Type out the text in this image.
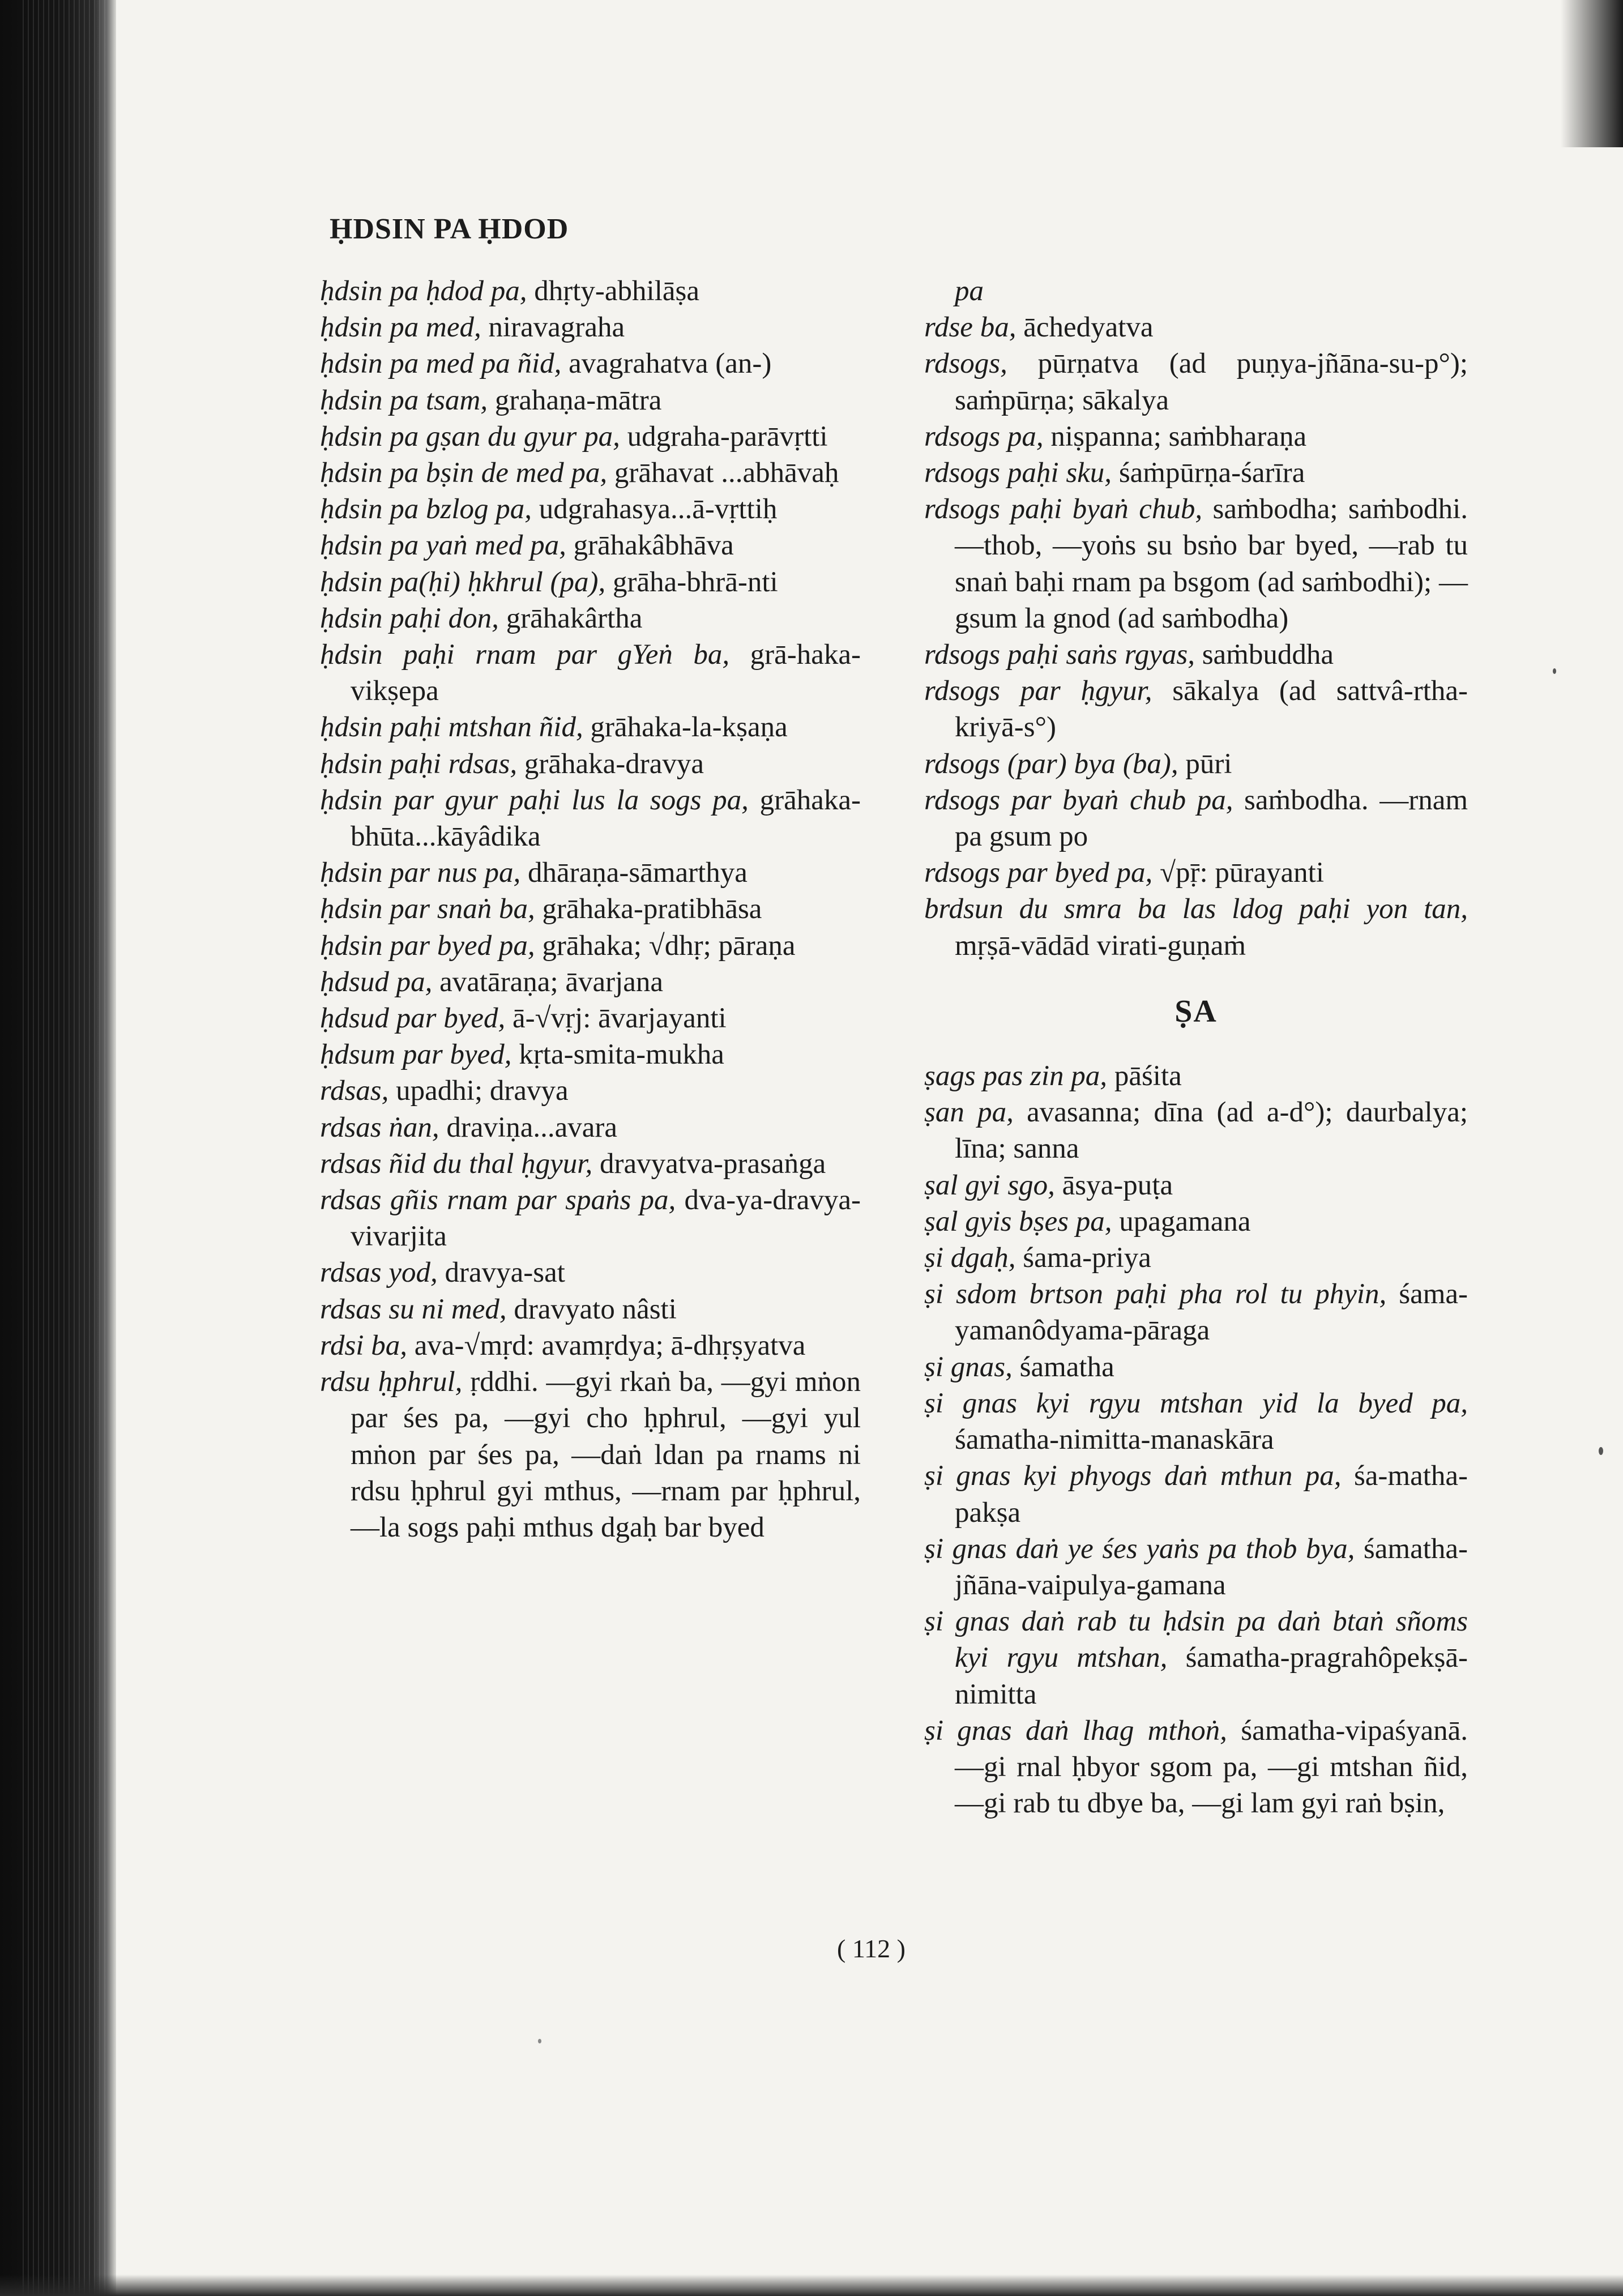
ḤDSIN PA ḤDOD

ḥdsin pa ḥdod pa, dhṛty-abhilāṣa

ḥdsin pa med, niravagraha

ḥdsin pa med pa ñid, avagrahatva (an-)

ḥdsin pa tsam, grahaṇa-mātra

ḥdsin pa gṣan du gyur pa, udgraha-parāvṛtti

ḥdsin pa bṣin de med pa, grāhavat ...abhāvaḥ

ḥdsin pa bzlog pa, udgrahasya...ā-vṛttiḥ

ḥdsin pa yaṅ med pa, grāhakâbhāva

ḥdsin pa(ḥi) ḥkhrul (pa), grāha-bhrā-nti

ḥdsin paḥi don, grāhakârtha

ḥdsin paḥi rnam par gYeṅ ba, grā-haka-vikṣepa

ḥdsin paḥi mtshan ñid, grāhaka-la-kṣaṇa

ḥdsin paḥi rdsas, grāhaka-dravya

ḥdsin par gyur paḥi lus la sogs pa, grāhaka-bhūta...kāyâdika

ḥdsin par nus pa, dhāraṇa-sāmarthya

ḥdsin par snaṅ ba, grāhaka-pratibhāsa

ḥdsin par byed pa, grāhaka; √dhṛ; pāraṇa

ḥdsud pa, avatāraṇa; āvarjana

ḥdsud par byed, ā-√vṛj: āvarjayanti

ḥdsum par byed, kṛta-smita-mukha

rdsas, upadhi; dravya

rdsas ṅan, draviṇa...avara

rdsas ñid du thal ḥgyur, dravyatva-prasaṅga

rdsas gñis rnam par spaṅs pa, dva-ya-dravya-vivarjita

rdsas yod, dravya-sat

rdsas su ni med, dravyato nâsti

rdsi ba, ava-√mṛd: avamṛdya; ā-dhṛṣyatva

rdsu ḥphrul, ṛddhi. —gyi rkaṅ ba, —gyi mṅon par śes pa, —gyi cho ḥphrul, —gyi yul mṅon par śes pa, —daṅ ldan pa rnams ni rdsu ḥphrul gyi mthus, —rnam par ḥphrul, —la sogs paḥi mthus dgaḥ bar byed

pa

rdse ba, āchedyatva

rdsogs, pūrṇatva (ad puṇya-jñāna-su-p°); saṁpūrṇa; sākalya

rdsogs pa, niṣpanna; saṁbharaṇa

rdsogs paḥi sku, śaṁpūrṇa-śarīra

rdsogs paḥi byaṅ chub, saṁbodha; saṁbodhi. —thob, —yoṅs su bsṅo bar byed, —rab tu snaṅ baḥi rnam pa bsgom (ad saṁbodhi); —gsum la gnod (ad saṁbodha)

rdsogs paḥi saṅs rgyas, saṁbuddha

rdsogs par ḥgyur, sākalya (ad sattvâ-rtha-kriyā-s°)

rdsogs (par) bya (ba), pūri

rdsogs par byaṅ chub pa, saṁbodha. —rnam pa gsum po

rdsogs par byed pa, √pṝ: pūrayanti

brdsun du smra ba las ldog paḥi yon tan, mṛṣā-vādād virati-guṇaṁ

ṢA

ṣags pas zin pa, pāśita

ṣan pa, avasanna; dīna (ad a-d°); daurbalya; līna; sanna

ṣal gyi sgo, āsya-puṭa

ṣal gyis bṣes pa, upagamana

ṣi dgaḥ, śama-priya

ṣi sdom brtson paḥi pha rol tu phyin, śama-yamanôdyama-pāraga

ṣi gnas, śamatha

ṣi gnas kyi rgyu mtshan yid la byed pa, śamatha-nimitta-manaskāra

ṣi gnas kyi phyogs daṅ mthun pa, śa-matha-pakṣa

ṣi gnas daṅ ye śes yaṅs pa thob bya, śamatha-jñāna-vaipulya-gamana

ṣi gnas daṅ rab tu ḥdsin pa daṅ btaṅ sñoms kyi rgyu mtshan, śamatha-pragrahôpekṣā-nimitta

ṣi gnas daṅ lhag mthoṅ, śamatha-vipaśyanā. —gi rnal ḥbyor sgom pa, —gi mtshan ñid, —gi rab tu dbye ba, —gi lam gyi raṅ bṣin,

( 112 )
